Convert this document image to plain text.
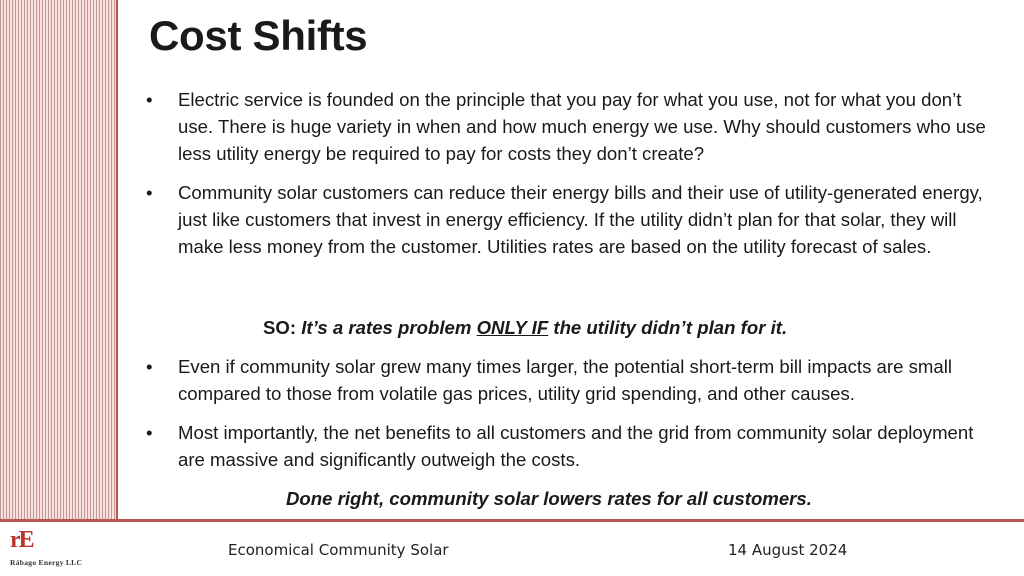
Cost Shifts
•	Electric service is founded on the principle that you pay for what you use, not for what you don’t use. There is huge variety in when and how much energy we use. Why should customers who use less utility energy be required to pay for costs they don’t create?
•	Community solar customers can reduce their energy bills and their use of utility-generated energy, just like customers that invest in energy efficiency. If the utility didn’t plan for that solar, they will make less money from the customer. Utilities rates are based on the utility forecast of sales.
SO: It’s a rates problem ONLY IF the utility didn’t plan for it.
•	Even if community solar grew many times larger, the potential short-term bill impacts are small compared to those from volatile gas prices, utility grid spending, and other causes.
•	Most importantly, the net benefits to all customers and the grid from community solar deployment are massive and significantly outweigh the costs.
Done right, community solar lowers rates for all customers.
rE
Rábago Energy LLC
Economical Community Solar	14 August 2024
